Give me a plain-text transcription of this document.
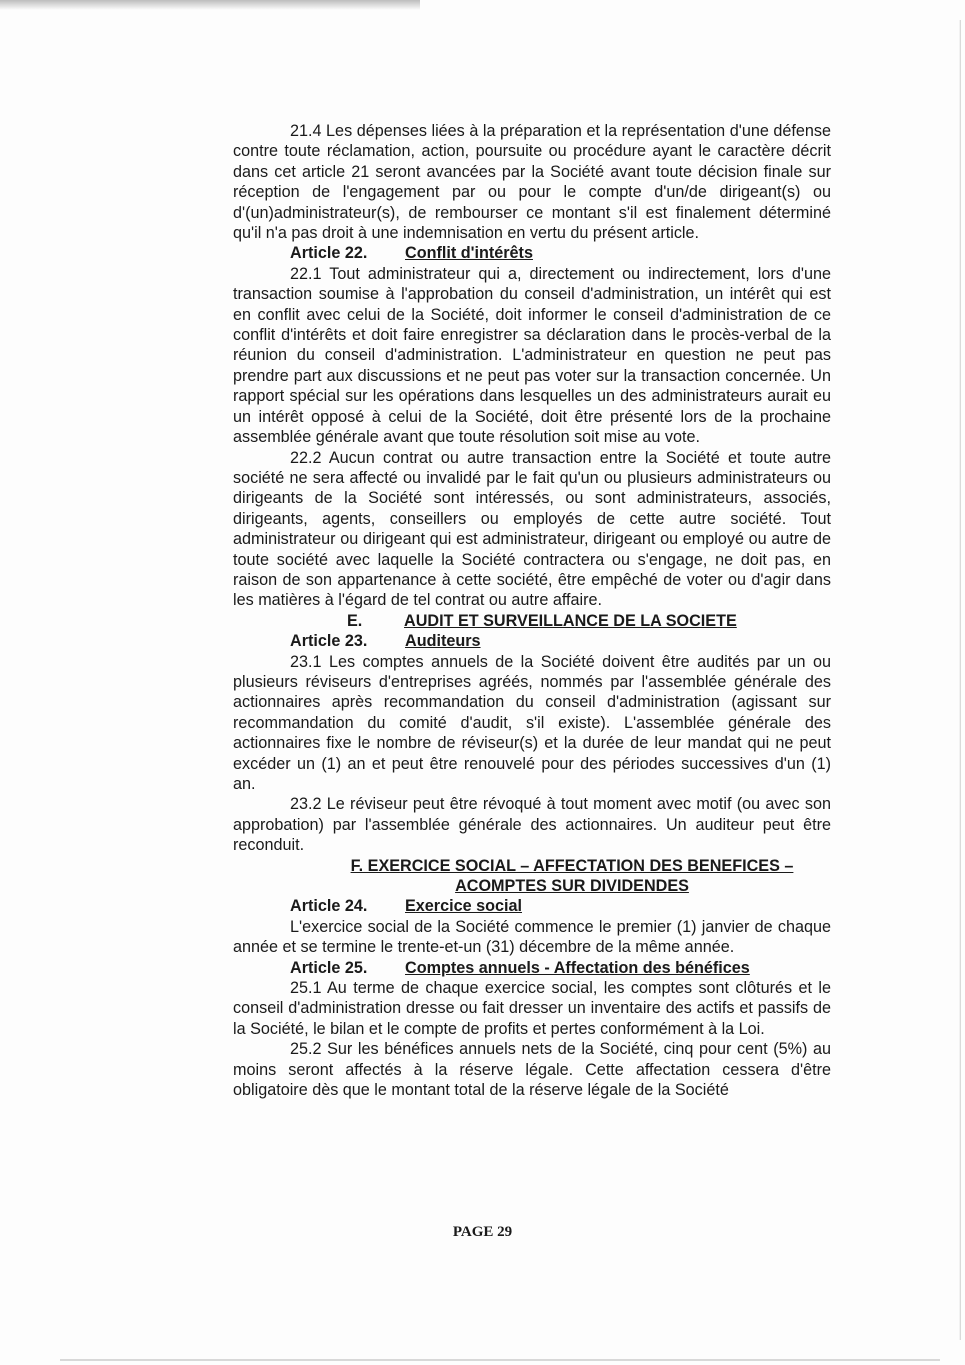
21.4 Les dépenses liées à la préparation et la représentation d'une défense contre toute réclamation, action, poursuite ou procédure ayant le caractère décrit dans cet article 21 seront avancées par la Société avant toute décision finale sur réception de l'engagement par ou pour le compte d'un/de dirigeant(s) ou d'(un)administrateur(s), de rembourser ce montant s'il est finalement déterminé qu'il n'a pas droit à une indemnisation en vertu du présent article.

Article 22. Conflit d'intérêts

22.1 Tout administrateur qui a, directement ou indirectement, lors d'une transaction soumise à l'approbation du conseil d'administration, un intérêt qui est en conflit avec celui de la Société, doit informer le conseil d'administration de ce conflit d'intérêts et doit faire enregistrer sa déclaration dans le procès-verbal de la réunion du conseil d'administration. L'administrateur en question ne peut pas prendre part aux discussions et ne peut pas voter sur la transaction concernée. Un rapport spécial sur les opérations dans lesquelles un des administrateurs aurait eu un intérêt opposé à celui de la Société, doit être présenté lors de la prochaine assemblée générale avant que toute résolution soit mise au vote.

22.2 Aucun contrat ou autre transaction entre la Société et toute autre société ne sera affecté ou invalidé par le fait qu'un ou plusieurs administrateurs ou dirigeants de la Société sont intéressés, ou sont administrateurs, associés, dirigeants, agents, conseillers ou employés de cette autre société. Tout administrateur ou dirigeant qui est administrateur, dirigeant ou employé ou autre de toute société avec laquelle la Société contractera ou s'engage, ne doit pas, en raison de son appartenance à cette société, être empêché de voter ou d'agir dans les matières à l'égard de tel contrat ou autre affaire.

E.	AUDIT ET SURVEILLANCE DE LA SOCIETE

Article 23. Auditeurs

23.1 Les comptes annuels de la Société doivent être audités par un ou plusieurs réviseurs d'entreprises agréés, nommés par l'assemblée générale des actionnaires après recommandation du conseil d'administration (agissant sur recommandation du comité d'audit, s'il existe). L'assemblée générale des actionnaires fixe le nombre de réviseur(s) et la durée de leur mandat qui ne peut excéder un (1) an et peut être renouvelé pour des périodes successives d'un (1) an.

23.2 Le réviseur peut être révoqué à tout moment avec motif (ou avec son approbation) par l'assemblée générale des actionnaires. Un auditeur peut être reconduit.

F. EXERCICE SOCIAL – AFFECTATION DES BENEFICES –

ACOMPTES SUR DIVIDENDES

Article 24. Exercice social

L'exercice social de la Société commence le premier (1) janvier de chaque année et se termine le trente-et-un (31) décembre de la même année.

Article 25. Comptes annuels - Affectation des bénéfices

25.1 Au terme de chaque exercice social, les comptes sont clôturés et le conseil d'administration dresse ou fait dresser un inventaire des actifs et passifs de la Société, le bilan et le compte de profits et pertes conformément à la Loi.

25.2 Sur les bénéfices annuels nets de la Société, cinq pour cent (5%) au moins seront affectés à la réserve légale. Cette affectation cessera d'être obligatoire dès que le montant total de la réserve légale de la Société

PAGE 29
